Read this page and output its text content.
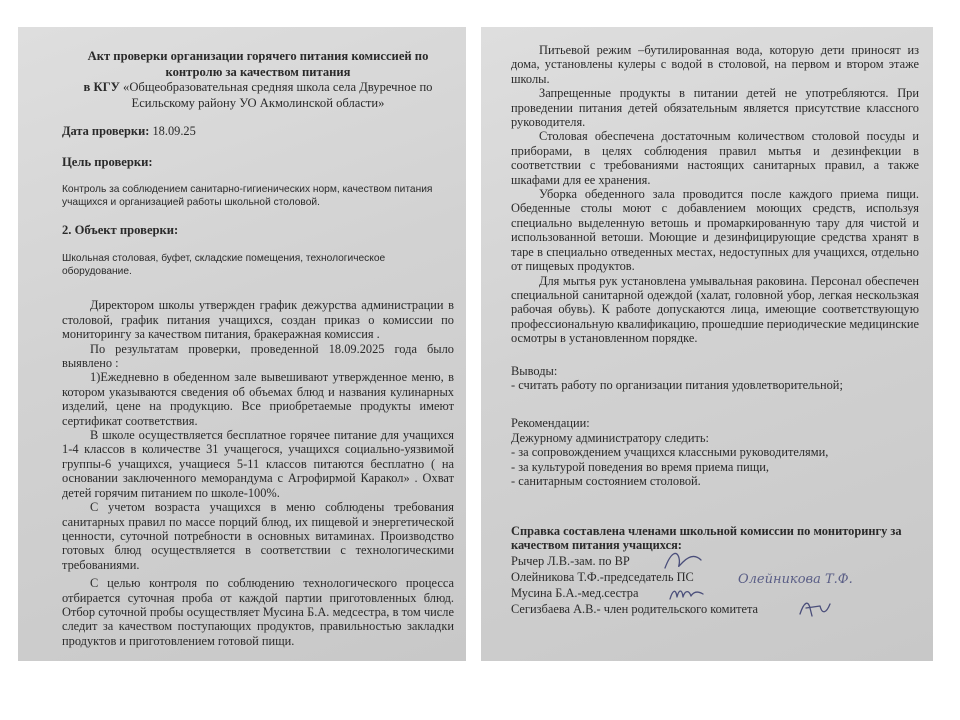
Акт проверки организации горячего питания комиссией по контролю за качеством питания

в КГУ «Общеобразовательная средняя школа села Двуречное по Есильскому району УО Акмолинской области»

Дата проверки: 18.09.25

Цель проверки:

Контроль за соблюдением санитарно-гигиенических норм, качеством питания учащихся и организацией работы школьной столовой.

2. Объект проверки:

Школьная столовая, буфет, складские помещения, технологическое оборудование.

Директором школы утвержден график дежурства администрации в столовой, график питания учащихся, создан приказ о комиссии по мониторингу за качеством питания, бракеражная комиссия .

По результатам проверки, проведенной 18.09.2025 года было выявлено :

1)Ежедневно в обеденном зале вывешивают утвержденное меню, в котором указываются сведения об объемах блюд и названия кулинарных изделий, цене на продукцию. Все приобретаемые продукты имеют сертификат соответствия.

В школе осуществляется бесплатное горячее питание для учащихся 1-4 классов в количестве 31 учащегося, учащихся социально-уязвимой группы-6 учащихся, учащиеся 5-11 классов питаются бесплатно ( на основании заключенного меморандума с Агрофирмой Каракол» . Охват детей горячим питанием по школе-100%.

С учетом возраста учащихся в меню соблюдены требования санитарных правил по массе порций блюд, их пищевой и энергетической ценности, суточной потребности в основных витаминах. Производство готовых блюд осуществляется в соответствии с технологическими требованиями.

С целью контроля по соблюдению технологического процесса отбирается суточная проба от каждой партии приготовленных блюд. Отбор суточной пробы осуществляет Мусина Б.А. медсестра, в том числе следит за качеством поступающих продуктов, правильностью закладки продуктов и приготовлением готовой пищи.

Питьевой режим –бутилированная вода, которую дети приносят из дома, установлены кулеры с водой в столовой, на первом и втором этаже школы.

Запрещенные продукты в питании детей не употребляются. При проведении питания детей обязательным является присутствие классного руководителя.

Столовая обеспечена достаточным количеством столовой посуды и приборами, в целях соблюдения правил мытья и дезинфекции в соответствии с требованиями настоящих санитарных правил, а также шкафами для ее хранения.

Уборка обеденного зала проводится после каждого приема пищи. Обеденные столы моют с добавлением моющих средств, используя специально выделенную ветошь и промаркированную тару для чистой и использованной ветоши. Моющие и дезинфицирующие средства хранят в таре в специально отведенных местах, недоступных для учащихся, отдельно от пищевых продуктов.

Для мытья рук установлена умывальная раковина. Персонал обеспечен специальной санитарной одеждой (халат, головной убор, легкая нескользкая рабочая обувь). К работе допускаются лица, имеющие соответствующую профессиональную квалификацию, прошедшие периодические медицинские осмотры в установленном порядке.

Выводы:

- считать работу по организации питания удовлетворительной;

Рекомендации:

Дежурному администратору следить:

- за сопровождением учащихся классными руководителями,

- за культурой поведения во время приема пищи,

- санитарным состоянием столовой.

Справка составлена членами школьной комиссии по мониторингу за качеством питания учащихся:

Рычер Л.В.-зам. по ВР
Олейникова Т.Ф.-председатель ПС	Олейникова Т.Ф.
Мусина Б.А.-мед.сестра
Сегизбаева А.В.- член родительского комитета
